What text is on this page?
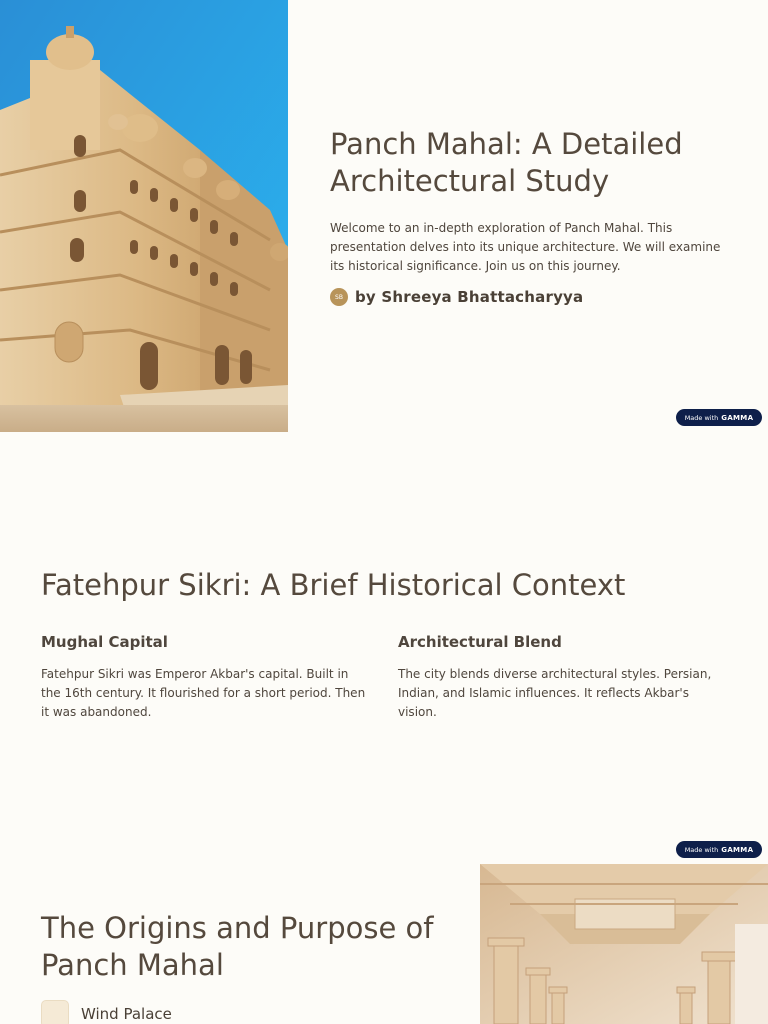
Panch Mahal: A Detailed Architectural Study

Welcome to an in-depth exploration of Panch Mahal. This presentation delves into its unique architecture. We will examine its historical significance. Join us on this journey.

SB by Shreeya Bhattacharyya
Made with GAMMA
Fatehpur Sikri: A Brief Historical Context
Mughal Capital

Fatehpur Sikri was Emperor Akbar's capital. Built in the 16th century. It flourished for a short period. Then it was abandoned.

Architectural Blend

The city blends diverse architectural styles. Persian, Indian, and Islamic influences. It reflects Akbar's vision.

Made with GAMMA
The Origins and Purpose of Panch Mahal
Wind Palace
